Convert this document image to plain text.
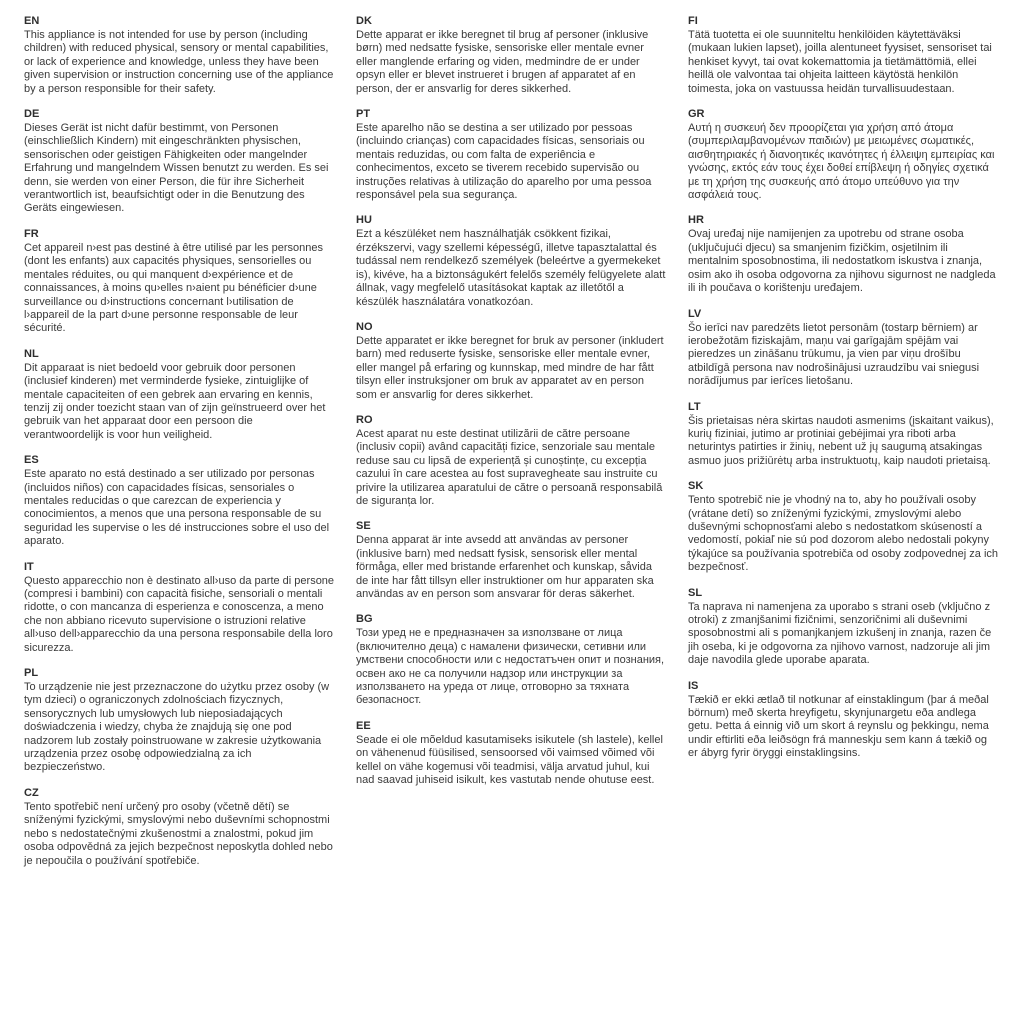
EN

This appliance is not intended for use by person (including children) with reduced physical, sensory or mental capabilities, or lack of experience and knowledge, unless they have been given supervision or instruction concerning use of the appliance by a person responsible for their safety.

DE

Dieses Gerät ist nicht dafür bestimmt, von Personen (einschließlich Kindern) mit eingeschränkten physischen, sensorischen oder geistigen Fähigkeiten oder mangelnder Erfahrung und mangelndem Wissen benutzt zu werden. Es sei denn, sie werden von einer Person, die für ihre Sicherheit verantwortlich ist, beaufsichtigt oder in die Benutzung des Geräts eingewiesen.

FR

Cet appareil n›est pas destiné à être utilisé par les personnes (dont les enfants) aux capacités physiques, sensorielles ou mentales réduites, ou qui manquent d›expérience et de connaissances, à moins qu›elles n›aient pu bénéficier d›une surveillance ou d›instructions concernant l›utilisation de l›appareil de la part d›une personne responsable de leur sécurité.

NL

Dit apparaat is niet bedoeld voor gebruik door personen (inclusief kinderen) met verminderde fysieke, zintuiglijke of mentale capaciteiten of een gebrek aan ervaring en kennis, tenzij zij onder toezicht staan van of zijn geïnstrueerd over het gebruik van het apparaat door een persoon die verantwoordelijk is voor hun veiligheid.

ES

Este aparato no está destinado a ser utilizado por personas (incluidos niños) con capacidades físicas, sensoriales o mentales reducidas o que carezcan de experiencia y conocimientos, a menos que una persona responsable de su seguridad les supervise o les dé instrucciones sobre el uso del aparato.

IT

Questo apparecchio non è destinato all›uso da parte di persone (compresi i bambini) con capacità fisiche, sensoriali o mentali ridotte, o con mancanza di esperienza e conoscenza, a meno che non abbiano ricevuto supervisione o istruzioni relative all›uso dell›apparecchio da una persona responsabile della loro sicurezza.

PL

To urządzenie nie jest przeznaczone do użytku przez osoby (w tym dzieci) o ograniczonych zdolnościach fizycznych, sensorycznych lub umysłowych lub nieposiadających doświadczenia i wiedzy, chyba że znajdują się one pod nadzorem lub zostały poinstruowane w zakresie użytkowania urządzenia przez osobę odpowiedzialną za ich bezpieczeństwo.

CZ

Tento spotřebič není určený pro osoby (včetně dětí) se sníženými fyzickými, smyslovými nebo duševními schopnostmi nebo s nedostatečnými zkušenostmi a znalostmi, pokud jim osoba odpovědná za jejich bezpečnost neposkytla dohled nebo je nepoučila o používání spotřebiče.

DK

Dette apparat er ikke beregnet til brug af personer (inklusive børn) med nedsatte fysiske, sensoriske eller mentale evner eller manglende erfaring og viden, medmindre de er under opsyn eller er blevet instrueret i brugen af apparatet af en person, der er ansvarlig for deres sikkerhed.

PT

Este aparelho não se destina a ser utilizado por pessoas (incluindo crianças) com capacidades físicas, sensoriais ou mentais reduzidas, ou com falta de experiência e conhecimentos, exceto se tiverem recebido supervisão ou instruções relativas à utilização do aparelho por uma pessoa responsável pela sua segurança.

HU

Ezt a készüléket nem használhatják csökkent fizikai, érzékszervi, vagy szellemi képességű, illetve tapasztalattal és tudással nem rendelkező személyek (beleértve a gyermekeket is), kivéve, ha a biztonságukért felelős személy felügyelete alatt állnak, vagy megfelelő utasításokat kaptak az illetőtől a készülék használatára vonatkozóan.

NO

Dette apparatet er ikke beregnet for bruk av personer (inkludert barn) med reduserte fysiske, sensoriske eller mentale evner, eller mangel på erfaring og kunnskap, med mindre de har fått tilsyn eller instruksjoner om bruk av apparatet av en person som er ansvarlig for deres sikkerhet.

RO

Acest aparat nu este destinat utilizării de către persoane (inclusiv copii) având capacități fizice, senzoriale sau mentale reduse sau cu lipsă de experiență și cunoștințe, cu excepția cazului în care acestea au fost supravegheate sau instruite cu privire la utilizarea aparatului de către o persoană responsabilă de siguranța lor.

SE

Denna apparat är inte avsedd att användas av personer (inklusive barn) med nedsatt fysisk, sensorisk eller mental förmåga, eller med bristande erfarenhet och kunskap, såvida de inte har fått tillsyn eller instruktioner om hur apparaten ska användas av en person som ansvarar för deras säkerhet.

BG

Този уред не е предназначен за използване от лица (включително деца) с намалени физически, сетивни или умствени способности или с недостатъчен опит и познания, освен ако не са получили надзор или инструкции за използването на уреда от лице, отговорно за тяхната безопасност.

EE

Seade ei ole mõeldud kasutamiseks isikutele (sh lastele), kellel on vähenenud füüsilised, sensoorsed või vaimsed võimed või kellel on vähe kogemusi või teadmisi, välja arvatud juhul, kui nad saavad juhiseid isikult, kes vastutab nende ohutuse eest.

FI

Tätä tuotetta ei ole suunniteltu henkilöiden käytettäväksi (mukaan lukien lapset), joilla alentuneet fyysiset, sensoriset tai henkiset kyvyt, tai ovat kokemattomia ja tietämättömiä, ellei heillä ole valvontaa tai ohjeita laitteen käytöstä henkilön toimesta, joka on vastuussa heidän turvallisuudestaan.

GR

Αυτή η συσκευή δεν προορίζεται για χρήση από άτομα (συμπεριλαμβανομένων παιδιών) με μειωμένες σωματικές, αισθητηριακές ή διανοητικές ικανότητες ή έλλειψη εμπειρίας και γνώσης, εκτός εάν τους έχει δοθεί επίβλεψη ή οδηγίες σχετικά με τη χρήση της συσκευής από άτομο υπεύθυνο για την ασφάλειά τους.

HR

Ovaj uređaj nije namijenjen za upotrebu od strane osoba (uključujući djecu) sa smanjenim fizičkim, osjetilnim ili mentalnim sposobnostima, ili nedostatkom iskustva i znanja, osim ako ih osoba odgovorna za njihovu sigurnost ne nadgleda ili ih poučava o korištenju uređajem.

LV

Šo ierīci nav paredzēts lietot personām (tostarp bērniem) ar ierobežotām fiziskajām, maņu vai garīgajām spējām vai pieredzes un zināšanu trūkumu, ja vien par viņu drošību atbildīgā persona nav nodrošinājusi uzraudzību vai sniegusi norādījumus par ierīces lietošanu.

LT

Šis prietaisas nėra skirtas naudoti asmenims (įskaitant vaikus), kurių fiziniai, jutimo ar protiniai gebėjimai yra riboti arba neturintys patirties ir žinių, nebent už jų saugumą atsakingas asmuo juos prižiūrėtų arba instruktuotų, kaip naudoti prietaisą.

SK

Tento spotrebič nie je vhodný na to, aby ho používali osoby (vrátane detí) so zníženými fyzickými, zmyslovými alebo duševnými schopnosťami alebo s nedostatkom skúseností a vedomostí, pokiaľ nie sú pod dozorom alebo nedostali pokyny týkajúce sa používania spotrebiča od osoby zodpovednej za ich bezpečnosť.

SL

Ta naprava ni namenjena za uporabo s strani oseb (vključno z otroki) z zmanjšanimi fizičnimi, senzoričnimi ali duševnimi sposobnostmi ali s pomanjkanjem izkušenj in znanja, razen če jih oseba, ki je odgovorna za njihovo varnost, nadzoruje ali jim daje navodila glede uporabe aparata.

IS

Tækið er ekki ætlað til notkunar af einstaklingum (þar á meðal börnum) með skerta hreyfigetu, skynjunargetu eða andlega getu. Þetta á einnig við um skort á reynslu og þekkingu, nema undir eftirliti eða leiðsögn frá manneskju sem kann á tækið og er ábyrg fyrir öryggi einstaklingsins.
